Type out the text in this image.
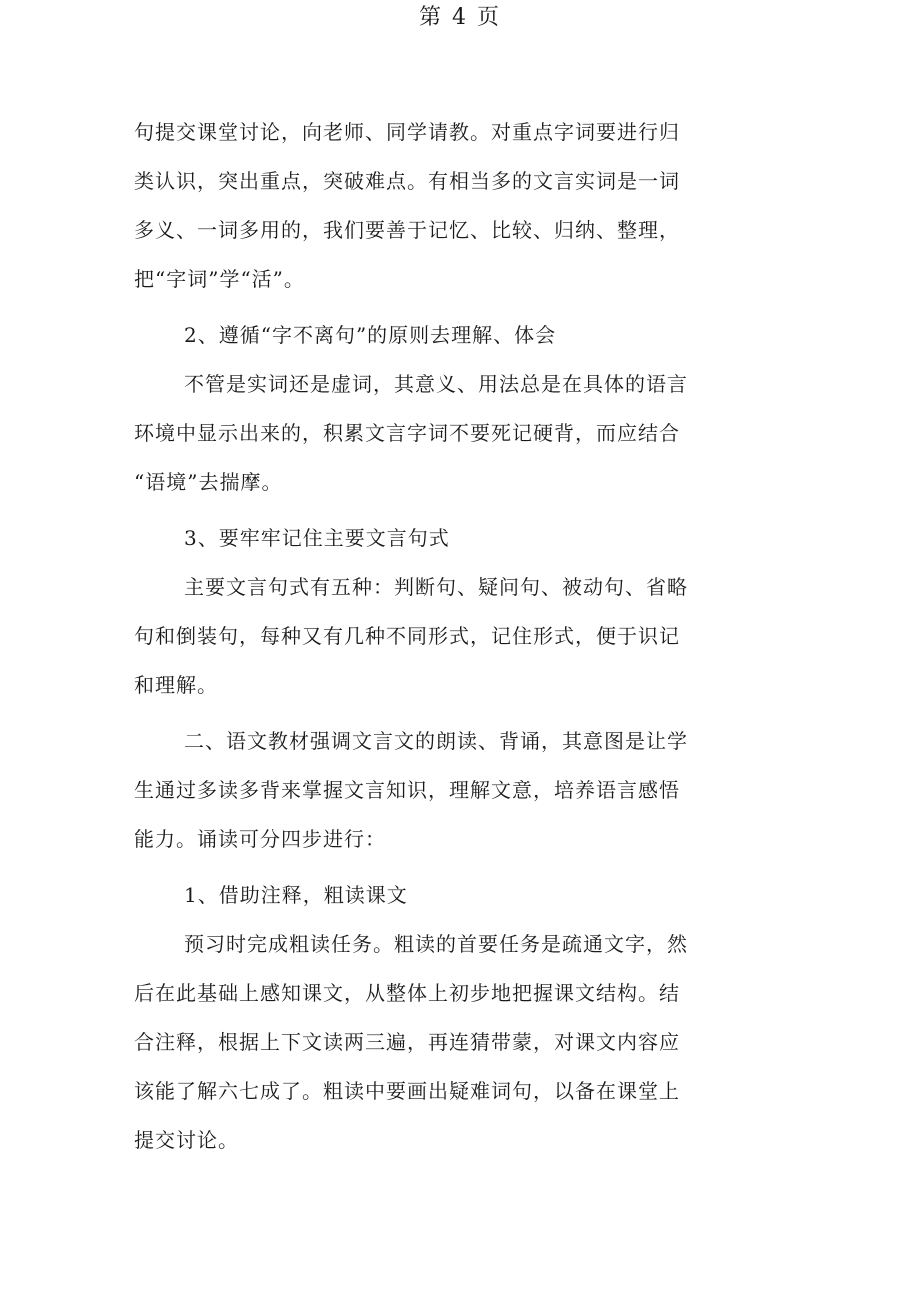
第 4 页
句提交课堂讨论，向老师、同学请教。对重点字词要进行归
类认识，突出重点，突破难点。有相当多的文言实词是一词
多义、一词多用的，我们要善于记忆、比较、归纳、整理，
把“字词”学“活”。
2、遵循“字不离句”的原则去理解、体会
不管是实词还是虚词，其意义、用法总是在具体的语言
环境中显示出来的，积累文言字词不要死记硬背，而应结合
“语境”去揣摩。
3、要牢牢记住主要文言句式
主要文言句式有五种：判断句、疑问句、被动句、省略
句和倒装句，每种又有几种不同形式，记住形式，便于识记
和理解。
二、语文教材强调文言文的朗读、背诵，其意图是让学
生通过多读多背来掌握文言知识，理解文意，培养语言感悟
能力。诵读可分四步进行：
1、借助注释，粗读课文
预习时完成粗读任务。粗读的首要任务是疏通文字，然
后在此基础上感知课文，从整体上初步地把握课文结构。结
合注释，根据上下文读两三遍，再连猜带蒙，对课文内容应
该能了解六七成了。粗读中要画出疑难词句，以备在课堂上
提交讨论。
